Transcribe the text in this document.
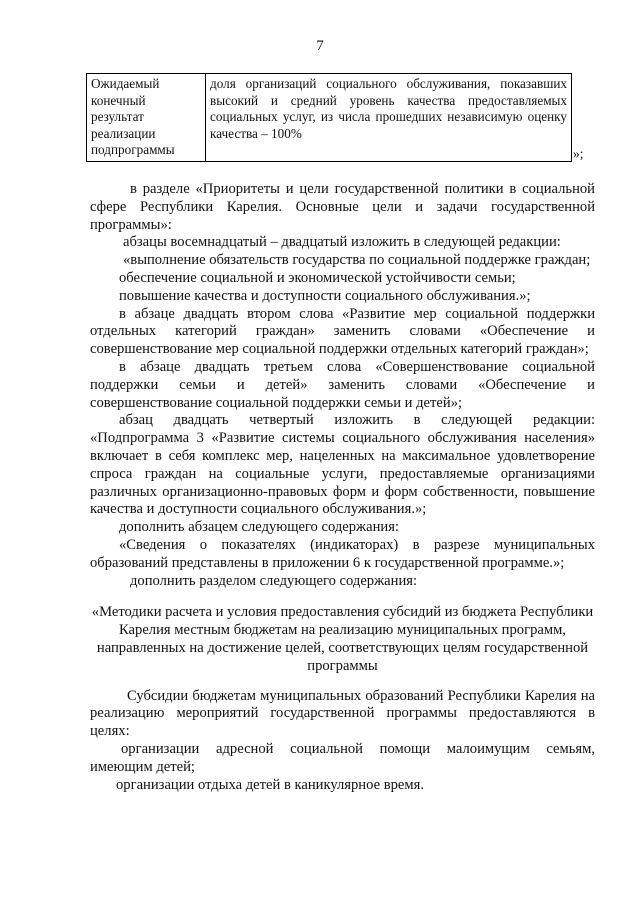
7
Ожидаемый конечный результат реализации подпрограммы	доля организаций социального обслуживания, показавших высокий и средний уровень качества предоставляемых социальных услуг, из числа прошедших независимую оценку качества – 100%
»;

в разделе «Приоритеты и цели государственной политики в социальной сфере Республики Карелия. Основные цели и задачи государственной программы»:

абзацы восемнадцатый – двадцатый изложить в следующей редакции:

«выполнение обязательств государства по социальной поддержке граждан;

обеспечение социальной и экономической устойчивости семьи;

повышение качества и доступности социального обслуживания.»;

в абзаце двадцать втором слова «Развитие мер социальной поддержки отдельных категорий граждан» заменить словами «Обеспечение и совершенствование мер социальной поддержки отдельных категорий граждан»;

в абзаце двадцать третьем слова «Совершенствование социальной поддержки семьи и детей» заменить словами «Обеспечение и совершенствование социальной поддержки семьи и детей»;

абзац двадцать четвертый изложить в следующей редакции: «Подпрограмма 3 «Развитие системы социального обслуживания населения» включает в себя комплекс мер, нацеленных на максимальное удовлетворение спроса граждан на социальные услуги, предоставляемые организациями различных организационно-правовых форм и форм собственности, повышение качества и доступности социального обслуживания.»;

дополнить абзацем следующего содержания:

«Сведения о показателях (индикаторах) в разрезе муниципальных образований представлены в приложении 6 к государственной программе.»;

дополнить разделом следующего содержания:

«Методики расчета и условия предоставления субсидий из бюджета Республики Карелия местным бюджетам на реализацию муниципальных программ, направленных на достижение целей, соответствующих целям государственной программы

Субсидии бюджетам муниципальных образований Республики Карелия на реализацию мероприятий государственной программы предоставляются в целях:

организации адресной социальной помощи малоимущим семьям, имеющим детей;

организации отдыха детей в каникулярное время.
